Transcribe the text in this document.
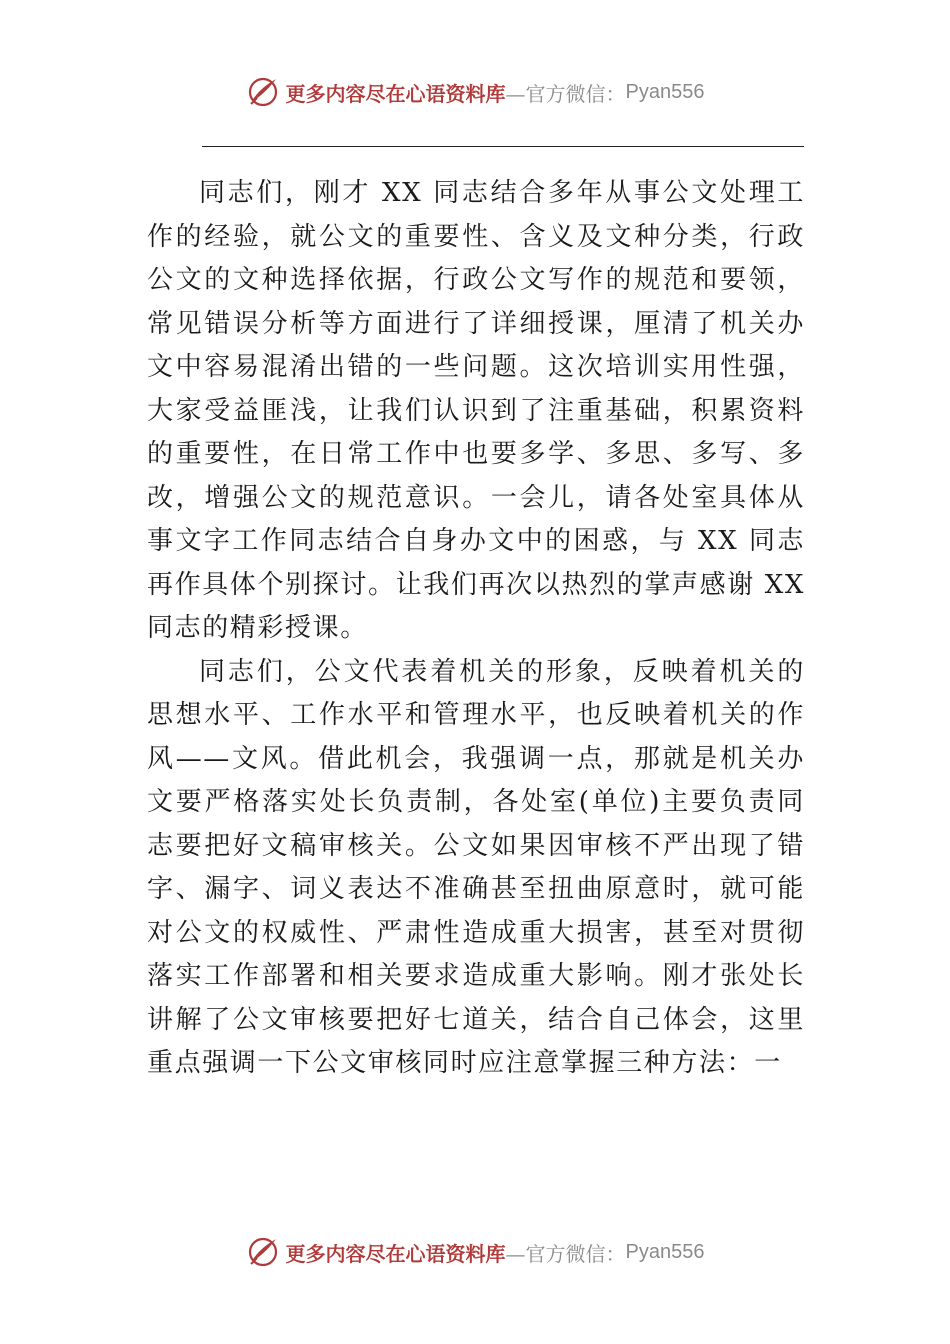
更多内容尽在心语资料库 —官方微信： Pyan556

同志们，刚才 XX 同志结合多年从事公文处理工作的经验，就公文的重要性、含义及文种分类，行政公文的文种选择依据，行政公文写作的规范和要领，常见错误分析等方面进行了详细授课，厘清了机关办文中容易混淆出错的一些问题。这次培训实用性强，大家受益匪浅，让我们认识到了注重基础，积累资料的重要性，在日常工作中也要多学、多思、多写、多改，增强公文的规范意识。一会儿，请各处室具体从事文字工作同志结合自身办文中的困惑，与 XX 同志再作具体个别探讨。让我们再次以热烈的掌声感谢 XX 同志的精彩授课。

同志们，公文代表着机关的形象，反映着机关的思想水平、工作水平和管理水平，也反映着机关的作风——文风。借此机会，我强调一点，那就是机关办文要严格落实处长负责制，各处室(单位)主要负责同志要把好文稿审核关。公文如果因审核不严出现了错字、漏字、词义表达不准确甚至扭曲原意时，就可能对公文的权威性、严肃性造成重大损害，甚至对贯彻落实工作部署和相关要求造成重大影响。刚才张处长讲解了公文审核要把好七道关，结合自己体会，这里重点强调一下公文审核同时应注意掌握三种方法：一

更多内容尽在心语资料库 —官方微信： Pyan556
